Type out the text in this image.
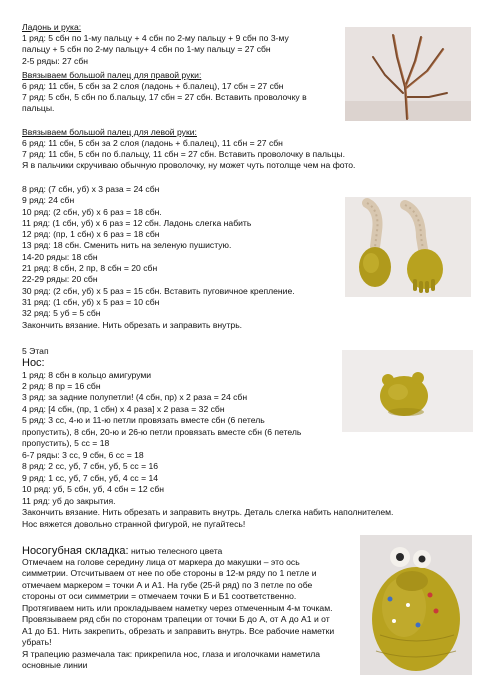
Ладонь и рука:
1 ряд: 5 сбн по 1-му пальцу + 4 сбн по 2-му пальцу + 9 сбн по 3-му
пальцу + 5 сбн по 2-му пальцу+ 4 сбн по 1-му пальцу = 27 сбн
2-5 ряды: 27 сбн
Ввязываем большой палец для правой руки:
6 ряд: 11 сбн, 5 сбн за 2 слоя (ладонь + б.палец), 17 сбн = 27 сбн
7 ряд: 5 сбн, 5 сбн по б.пальцу, 17 сбн = 27 сбн. Вставить проволочку в
пальцы.
Ввязываем большой палец для левой руки:
6 ряд: 11 сбн, 5 сбн за 2 слоя (ладонь + б.палец), 11 сбн = 27 сбн
7 ряд: 11 сбн, 5 сбн по б.пальцу, 11 сбн = 27 сбн. Вставить проволочку в пальцы.
Я в пальчики скручиваю обычную проволочку, ну может чуть потолще чем на фото.
8 ряд: (7 сбн, уб) х 3 раза = 24 сбн
9 ряд: 24 сбн
10 ряд: (2 сбн, уб) х 6 раз = 18 сбн.
11 ряд: (1 сбн, уб) х 6 раз = 12 сбн. Ладонь слегка набить
12 ряд: (пр, 1 сбн) х 6 раз = 18 сбн
13 ряд: 18 сбн. Сменить нить на зеленую пушистую.
14-20 ряды: 18 сбн
21 ряд: 8 сбн, 2 пр, 8 сбн = 20 сбн
22-29 ряды: 20 сбн
30 ряд: (2 сбн, уб) х 5 раз = 15 сбн. Вставить пуговичное крепление.
31 ряд: (1 сбн, уб) х 5 раз = 10 сбн
32 ряд: 5 уб = 5 сбн
Закончить вязание. Нить обрезать и заправить внутрь.
5 Этап
Нос:
1 ряд: 8 сбн в кольцо амигуруми
2 ряд: 8 пр = 16 сбн
3 ряд: за задние полупетли! (4 сбн, пр) х 2 раза = 24 сбн
4 ряд: [4 сбн, (пр, 1 сбн) х 4 раза] х 2 раза = 32 сбн
5 ряд: 3 сс, 4-ю и 11-ю петли провязать вместе сбн (6 петель
пропустить), 8 сбн, 20-ю и 26-ю петли провязать вместе сбн (6 петель
пропустить), 5 сс = 18
6-7 ряды: 3 сс, 9 сбн, 6 сс = 18
8 ряд: 2 сс, уб, 7 сбн, уб, 5 сс = 16
9 ряд: 1 сс, уб, 7 сбн, уб, 4 сс = 14
10 ряд: уб, 5 сбн, уб, 4 сбн = 12 сбн
11 ряд: уб до закрытия.
Закончить вязание. Нить обрезать и заправить внутрь. Деталь слегка набить наполнителем.
Нос вяжется довольно странной фигурой, не пугайтесь!
Носогубная складка: нитью телесного цвета
Отмечаем на голове середину лица от маркера до макушки – это ось
симметрии. Отсчитываем от нее по обе стороны в 12-м ряду по 1 петле и
отмечаем маркером = точки А и А1. На губе (25-й ряд) по 3 петле по обе
стороны от оси симметрии = отмечаем точки Б и Б1 соответственно.
Протягиваем нить или прокладываем наметку через отмеченным 4-м точкам.
Провязываем ряд сбн по сторонам трапеции от точки Б до А, от А до А1 и от
А1 до Б1. Нить закрепить, обрезать и заправить внутрь. Все рабочие наметки
убрать!
Я трапецию размечала так: прикрепила нос, глаза и иголочками наметила
основные линии
